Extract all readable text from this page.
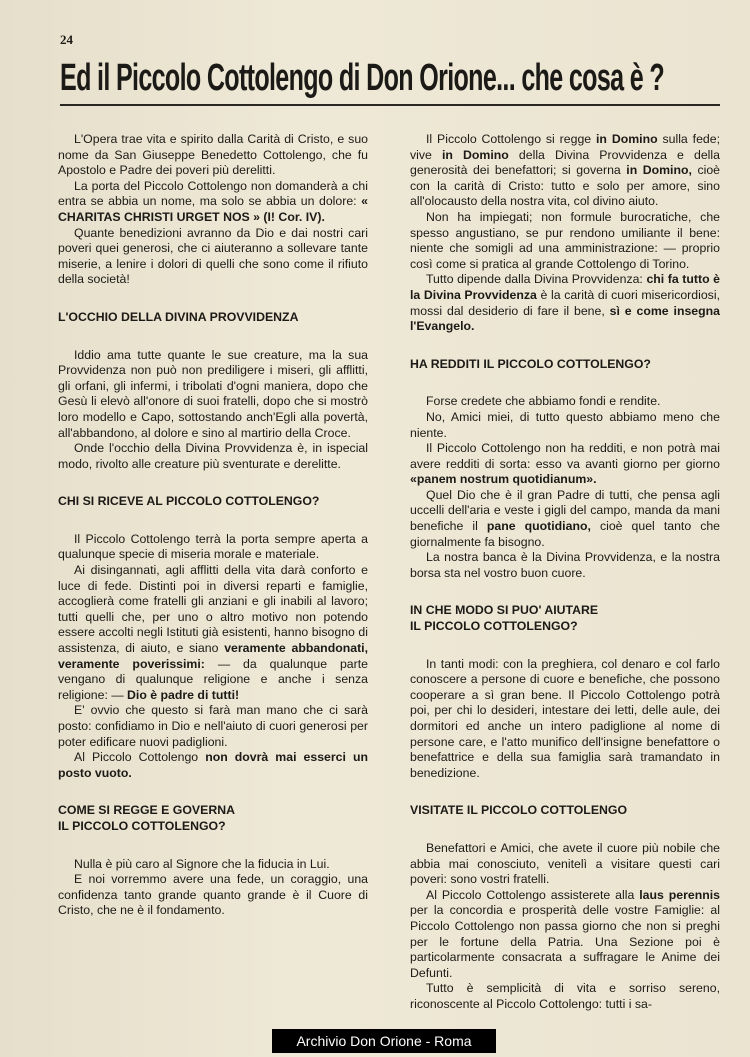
24
Ed il Piccolo Cottolengo di Don Orione... che cosa è ?

L'Opera trae vita e spirito dalla Carità di Cristo, e suo nome da San Giuseppe Benedetto Cottolengo, che fu Apostolo e Padre dei poveri più derelitti.

La porta del Piccolo Cottolengo non domanderà a chi entra se abbia un nome, ma solo se abbia un dolore: « CHARITAS CHRISTI URGET NOS » (I! Cor. IV).

Quante benedizioni avranno da Dio e dai nostri cari poveri quei generosi, che ci aiuteranno a sollevare tante miserie, a lenire i dolori di quelli che sono come il rifiuto della società!

L'OCCHIO DELLA DIVINA PROVVIDENZA

Iddio ama tutte quante le sue creature, ma la sua Provvidenza non può non prediligere i miseri, gli afflitti, gli orfani, gli infermi, i tribolati d'ogni maniera, dopo che Gesù li elevò all'onore di suoi fratelli, dopo che si mostrò loro modello e Capo, sottostando anch'Egli alla povertà, all'abbandono, al dolore e sino al martirio della Croce.

Onde l'occhio della Divina Provvidenza è, in ispecial modo, rivolto alle creature più sventurate e derelitte.

CHI SI RICEVE AL PICCOLO COTTOLENGO?

Il Piccolo Cottolengo terrà la porta sempre aperta a qualunque specie di miseria morale e materiale.

Ai disingannati, agli afflitti della vita darà conforto e luce di fede. Distinti poi in diversi reparti e famiglie, accoglierà come fratelli gli anziani e gli inabili al lavoro; tutti quelli che, per uno o altro motivo non potendo essere accolti negli Istituti già esistenti, hanno bisogno di assistenza, di aiuto, e siano veramente abbandonati, veramente poverissimi: — da qualunque parte vengano di qualunque religione e anche i senza religione: — Dio è padre di tutti!

E' ovvio che questo si farà man mano che ci sarà posto: confidiamo in Dio e nell'aiuto di cuori generosi per poter edificare nuovi padiglioni.

Al Piccolo Cottolengo non dovrà mai esserci un posto vuoto.

COME SI REGGE E GOVERNA
IL PICCOLO COTTOLENGO?

Nulla è più caro al Signore che la fiducia in Lui.

E noi vorremmo avere una fede, un coraggio, una confidenza tanto grande quanto grande è il Cuore di Cristo, che ne è il fondamento.

Il Piccolo Cottolengo si regge in Domino sulla fede; vive in Domino della Divina Provvidenza e della generosità dei benefattori; si governa in Domino, cioè con la carità di Cristo: tutto e solo per amore, sino all'olocausto della nostra vita, col divino aiuto.

Non ha impiegati; non formule burocratiche, che spesso angustiano, se pur rendono umiliante il bene: niente che somigli ad una amministrazione: — proprio così come si pratica al grande Cottolengo di Torino.

Tutto dipende dalla Divina Provvidenza: chi fa tutto è la Divina Provvidenza è la carità di cuori misericordiosi, mossi dal desiderio di fare il bene, sì e come insegna l'Evangelo.

HA REDDITI IL PICCOLO COTTOLENGO?

Forse credete che abbiamo fondi e rendite.

No, Amici miei, di tutto questo abbiamo meno che niente.

Il Piccolo Cottolengo non ha redditi, e non potrà mai avere redditi di sorta: esso va avanti giorno per giorno «panem nostrum quotidianum».

Quel Dio che è il gran Padre di tutti, che pensa agli uccelli dell'aria e veste i gigli del campo, manda da mani benefiche il pane quotidiano, cioè quel tanto che giornalmente fa bisogno.

La nostra banca è la Divina Provvidenza, e la nostra borsa sta nel vostro buon cuore.

IN CHE MODO SI PUO' AIUTARE
IL PICCOLO COTTOLENGO?

In tanti modi: con la preghiera, col denaro e col farlo conoscere a persone di cuore e benefiche, che possono cooperare a sì gran bene. Il Piccolo Cottolengo potrà poi, per chi lo desideri, intestare dei letti, delle aule, dei dormitori ed anche un intero padiglione al nome di persone care, e l'atto munifico dell'insigne benefattore o benefattrice e della sua famiglia sarà tramandato in benedizione.

VISITATE IL PICCOLO COTTOLENGO

Benefattori e Amici, che avete il cuore più nobile che abbia mai conosciuto, venitelì a visitare questi cari poveri: sono vostri fratelli.

Al Piccolo Cottolengo assisterete alla laus perennis per la concordia e prosperità delle vostre Famiglie: al Piccolo Cottolengo non passa giorno che non si preghi per le fortune della Patria. Una Sezione poi è particolarmente consacrata a suffragare le Anime dei Defunti.

Tutto è semplicità di vita e sorriso sereno, riconoscente al Piccolo Cottolengo: tutti i sa-

Archivio Don Orione - Roma
